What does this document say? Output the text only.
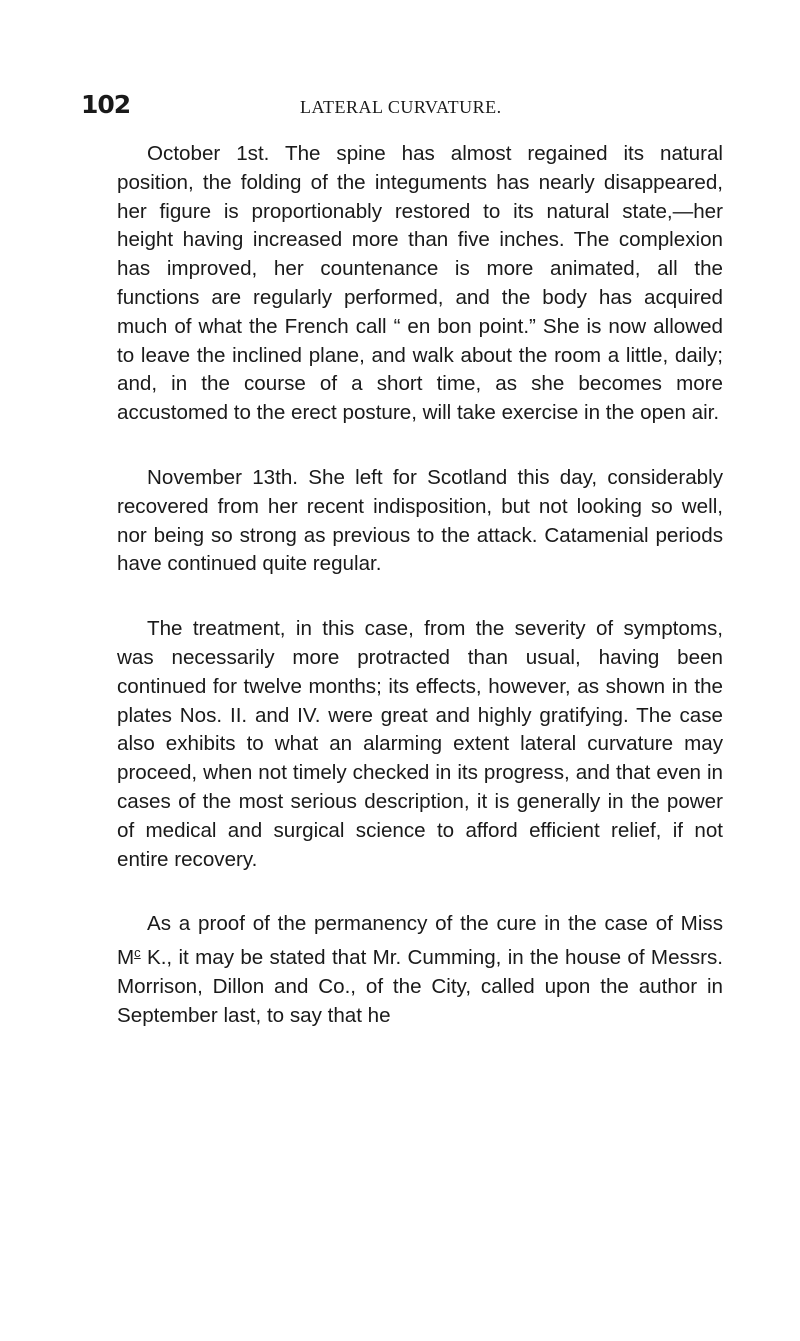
102	LATERAL CURVATURE.

October 1st. The spine has almost regained its natural position, the folding of the integuments has nearly disappeared, her figure is proportionably restored to its natural state,—her height having increased more than five inches. The complexion has improved, her countenance is more animated, all the functions are regularly performed, and the body has acquired much of what the French call “ en bon point.” She is now allowed to leave the inclined plane, and walk about the room a little, daily; and, in the course of a short time, as she becomes more accustomed to the erect posture, will take exercise in the open air.

November 13th. She left for Scotland this day, considerably recovered from her recent indisposition, but not looking so well, nor being so strong as previous to the attack. Catamenial periods have continued quite regular.

The treatment, in this case, from the severity of symptoms, was necessarily more protracted than usual, having been continued for twelve months; its effects, however, as shown in the plates Nos. II. and IV. were great and highly gratifying. The case also exhibits to what an alarming extent lateral curvature may proceed, when not timely checked in its progress, and that even in cases of the most serious description, it is generally in the power of medical and surgical science to afford efficient relief, if not entire recovery.

As a proof of the permanency of the cure in the case of Miss $M^c$ K., it may be stated that Mr. Cumming, in the house of Messrs. Morrison, Dillon and Co., of the City, called upon the author in September last, to say that he
